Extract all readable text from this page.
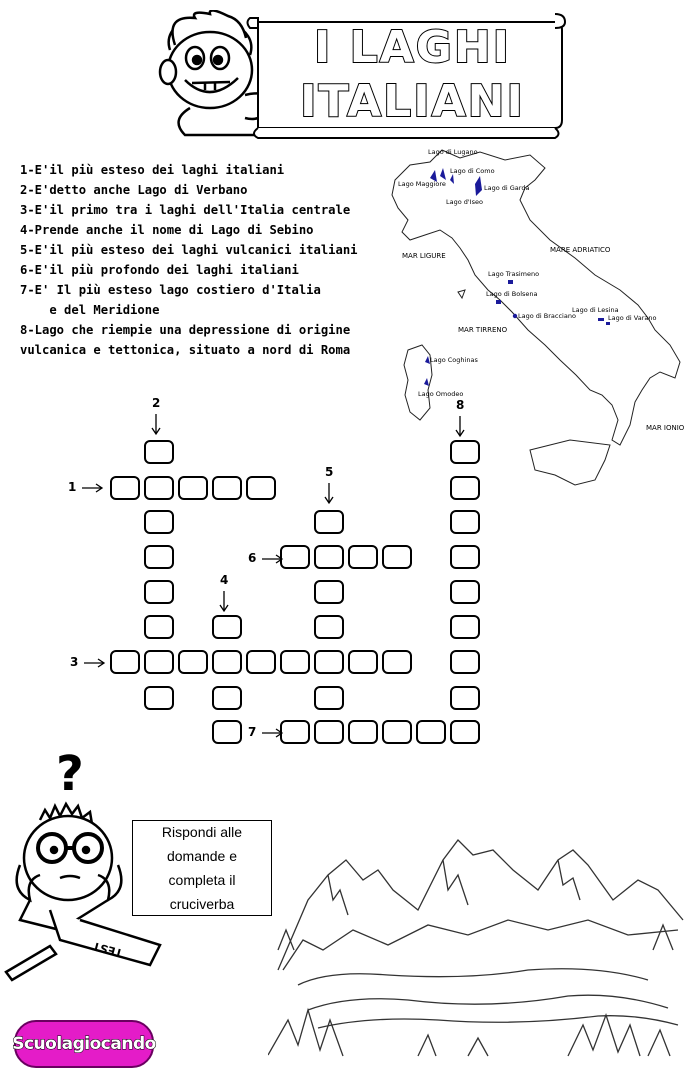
I LAGHI
ITALIANI
1-E'il più esteso dei laghi italiani
2-E'detto anche Lago di Verbano
3-E'il primo tra i laghi dell'Italia centrale
4-Prende anche il nome di Lago di Sebino
5-E'il più esteso dei laghi vulcanici italiani
6-E'il più profondo dei laghi italiani
7-E' Il più esteso lago costiero d'Italia
e del Meridione
8-Lago che riempie una depressione di origine
vulcanica e tettonica, situato a nord di Roma
Lago di Lugano
Lago Maggiore
Lago di Como
Lago d'Iseo
Lago di Garda
Lago Trasimeno
Lago di Bolsena
Lago di Bracciano
Lago di Lesina
Lago di Varano
Lago Coghinas
Lago Omodeo
MAR LIGURE
MARE ADRIATICO
MAR TIRRENO
MAR IONIO
1
2
3
4
5
6
7
8
?
TEST
Rispondi alle domande e completa il cruciverba
Scuolagiocando
